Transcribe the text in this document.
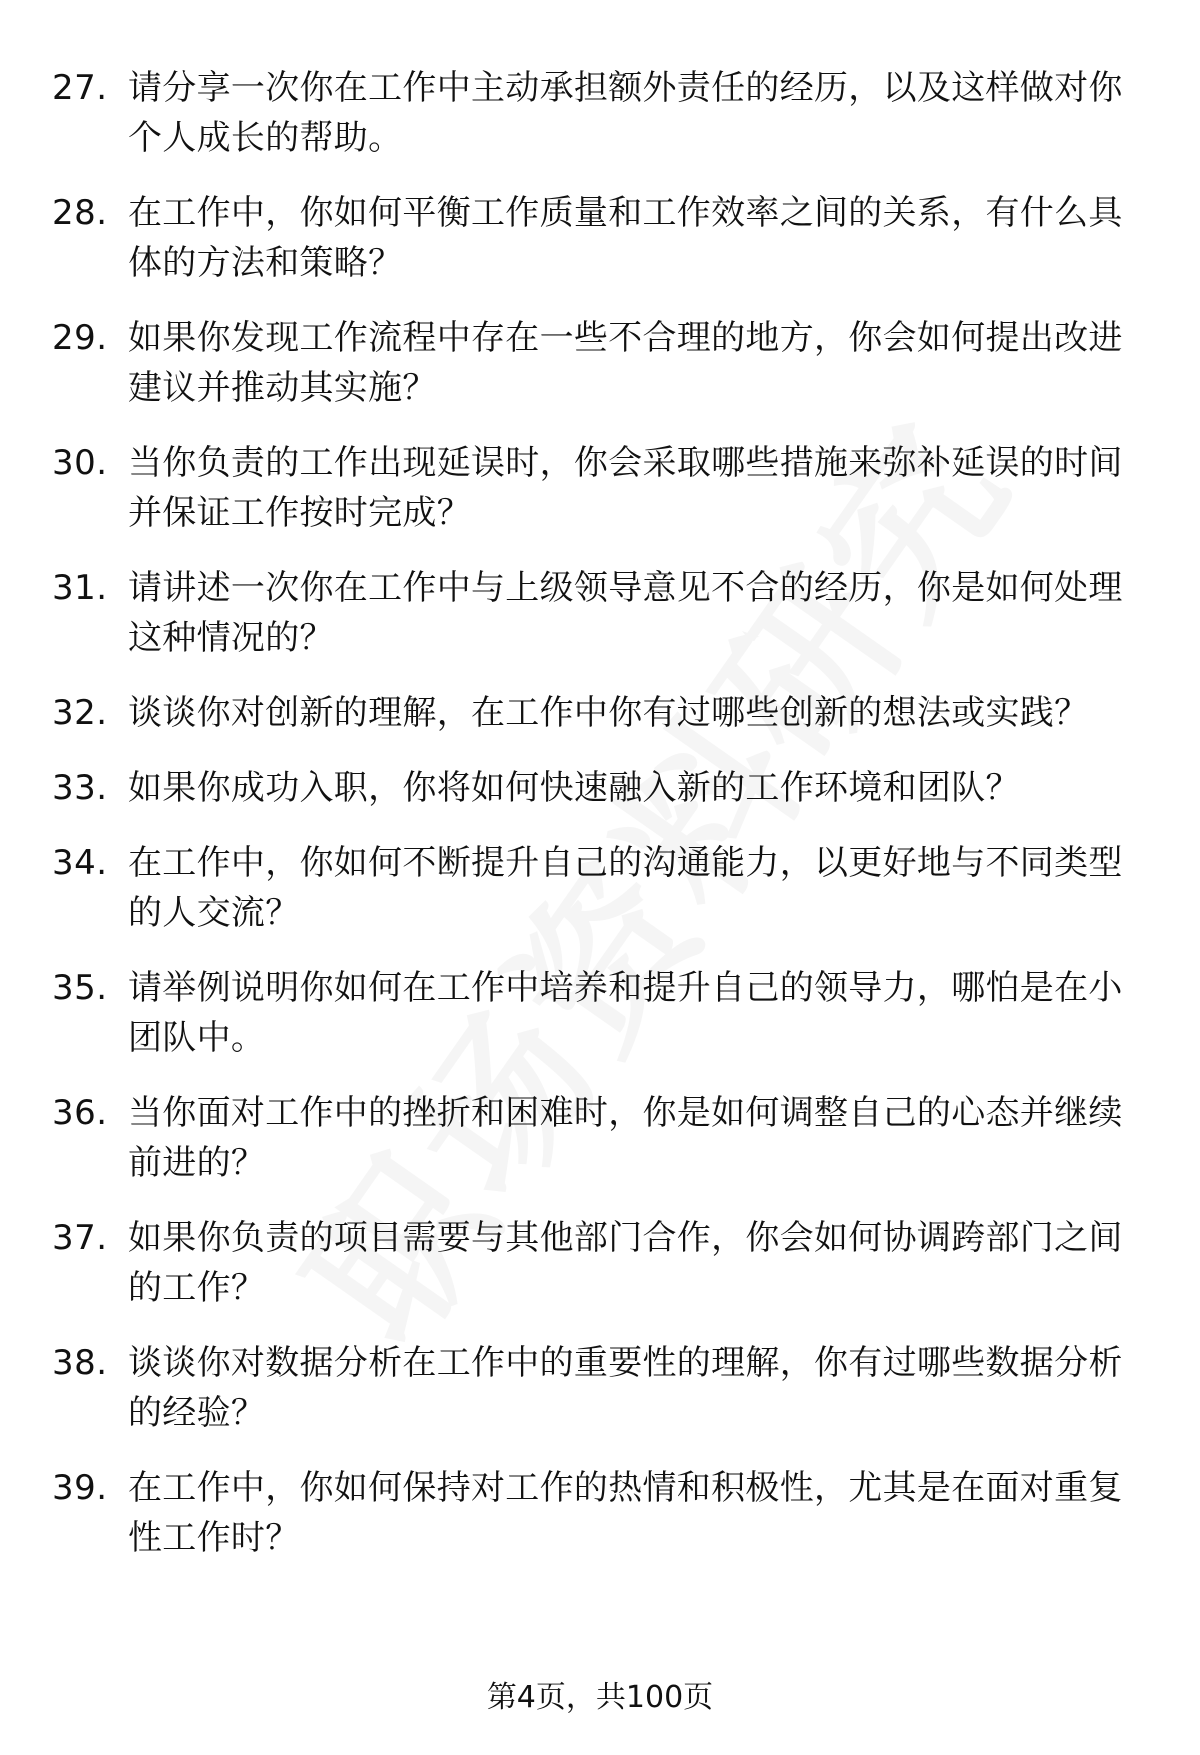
27. 请分享一次你在工作中主动承担额外责任的经历，以及这样做对你个人成长的帮助。
28. 在工作中，你如何平衡工作质量和工作效率之间的关系，有什么具体的方法和策略？
29. 如果你发现工作流程中存在一些不合理的地方，你会如何提出改进建议并推动其实施？
30. 当你负责的工作出现延误时，你会采取哪些措施来弥补延误的时间并保证工作按时完成？
31. 请讲述一次你在工作中与上级领导意见不合的经历，你是如何处理这种情况的？
32. 谈谈你对创新的理解，在工作中你有过哪些创新的想法或实践？
33. 如果你成功入职，你将如何快速融入新的工作环境和团队？
34. 在工作中，你如何不断提升自己的沟通能力，以更好地与不同类型的人交流？
35. 请举例说明你如何在工作中培养和提升自己的领导力，哪怕是在小团队中。
36. 当你面对工作中的挫折和困难时，你是如何调整自己的心态并继续前进的？
37. 如果你负责的项目需要与其他部门合作，你会如何协调跨部门之间的工作？
38. 谈谈你对数据分析在工作中的重要性的理解，你有过哪些数据分析的经验？
39. 在工作中，你如何保持对工作的热情和积极性，尤其是在面对重复性工作时？
第4页，共100页
